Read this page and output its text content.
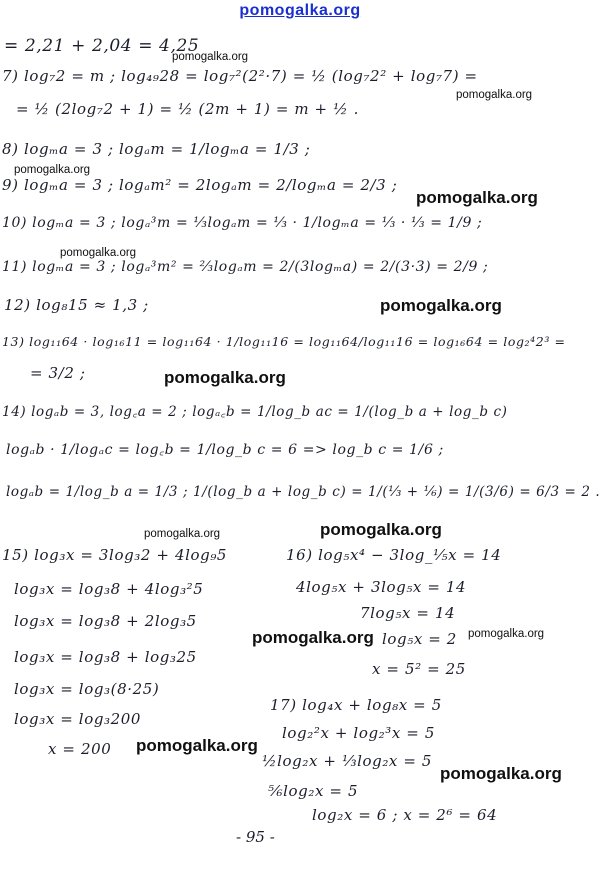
pomogalka.org
= 2,21 + 2,04 = 4,25
7) log₇2 = m ; log₄₉28 = log₇²(2²·7) = ½ (log₇2² + log₇7) =
= ½ (2log₇2 + 1) = ½ (2m + 1) = m + ½ .
8) logₘa = 3 ; logₐm = 1/logₘa = 1/3 ;
9) logₘa = 3 ; logₐm² = 2logₐm = 2/logₘa = 2/3 ;
10) logₘa = 3 ; logₐ³m = ⅓logₐm = ⅓ · 1/logₘa = ⅓ · ⅓ = 1/9 ;
11) logₘa = 3 ; logₐ³m² = ⅔logₐm = 2/(3logₘa) = 2/(3·3) = 2/9 ;
12) log₈15 ≈ 1,3 ;
13) log₁₁64 · log₁₆11 = log₁₁64 · 1/log₁₁16 = log₁₁64/log₁₁16 = log₁₆64 = log₂⁴2³ =
= 3/2 ;
14) logₐb = 3, log꜀a = 2 ; logₐ꜀b = 1/log_b ac = 1/(log_b a + log_b c)
logₐb · 1/logₐc = log꜀b = 1/log_b c = 6 => log_b c = 1/6 ;
logₐb = 1/log_b a = 1/3 ; 1/(log_b a + log_b c) = 1/(⅓ + ⅙) = 1/(3/6) = 6/3 = 2 .
15) log₃x = 3log₃2 + 4log₉5
log₃x = log₃8 + 4log₃²5
log₃x = log₃8 + 2log₃5
log₃x = log₃8 + log₃25
log₃x = log₃(8·25)
log₃x = log₃200
x = 200
16) log₅x⁴ − 3log_⅕x = 14
4log₅x + 3log₅x = 14
7log₅x = 14
log₅x = 2
x = 5² = 25
17) log₄x + log₈x = 5
log₂²x + log₂³x = 5
½log₂x + ⅓log₂x = 5
⅚log₂x = 5
log₂x = 6 ; x = 2⁶ = 64
pomogalka.org
pomogalka.org
pomogalka.org
pomogalka.org
pomogalka.org
pomogalka.org
pomogalka.org
pomogalka.org	pomogalka.org
pomogalka.org	pomogalka.org
pomogalka.org
pomogalka.org
- 95 -
